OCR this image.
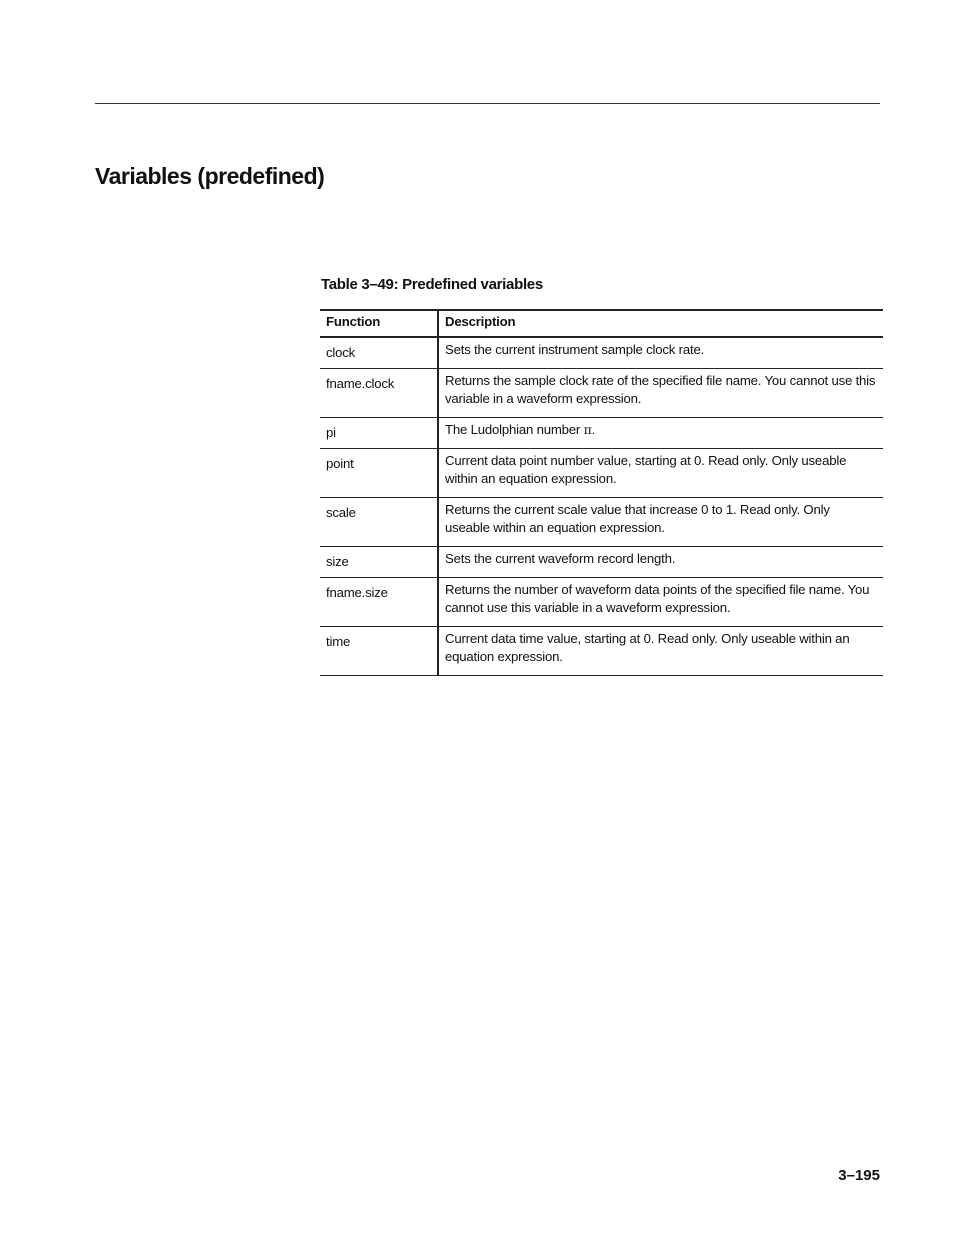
Variables (predefined)

Table 3–49: Predefined variables

Function	Description
clock	Sets the current instrument sample clock rate.
fname.clock	Returns the sample clock rate of the specified file name. You cannot use this variable in a waveform expression.
pi	The Ludolphian number π.
point	Current data point number value, starting at 0. Read only. Only useable within an equation expression.
scale	Returns the current scale value that increase 0 to 1. Read only. Only useable within an equation expression.
size	Sets the current waveform record length.
fname.size	Returns the number of waveform data points of the specified file name. You cannot use this variable in a waveform expression.
time	Current data time value, starting at 0. Read only. Only useable within an equation expression.

3–195
